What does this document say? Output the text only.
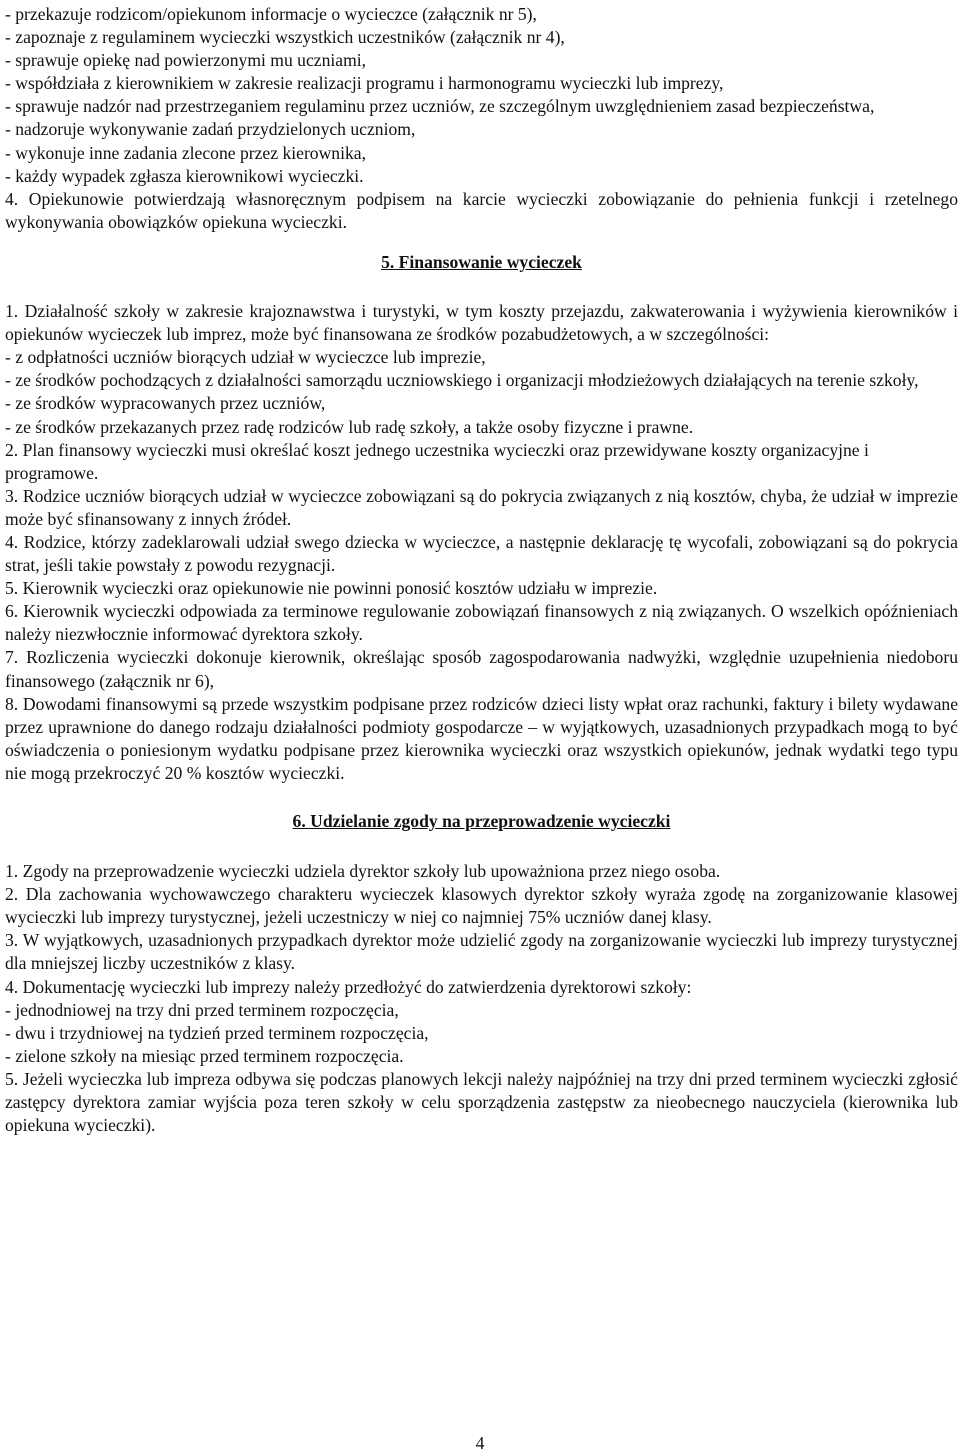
- przekazuje rodzicom/opiekunom informacje o wycieczce (załącznik nr 5),

- zapoznaje z regulaminem wycieczki wszystkich uczestników (załącznik nr 4),

- sprawuje opiekę nad powierzonymi mu uczniami,

- współdziała z kierownikiem w zakresie realizacji programu i harmonogramu wycieczki lub imprezy,

- sprawuje nadzór nad przestrzeganiem regulaminu przez uczniów, ze szczególnym uwzględnieniem zasad bezpieczeństwa,

- nadzoruje wykonywanie zadań przydzielonych uczniom,

- wykonuje inne zadania zlecone przez kierownika,

- każdy wypadek zgłasza kierownikowi wycieczki.

4. Opiekunowie potwierdzają własnoręcznym podpisem na karcie wycieczki zobowiązanie do pełnienia funkcji i rzetelnego wykonywania obowiązków opiekuna wycieczki.

5. Finansowanie wycieczek

1. Działalność szkoły w zakresie krajoznawstwa i turystyki, w tym koszty przejazdu, zakwaterowania i wyżywienia kierowników i opiekunów wycieczek lub imprez, może być finansowana ze środków pozabudżetowych, a w szczególności:

- z odpłatności uczniów biorących udział w wycieczce lub imprezie,

- ze środków pochodzących z działalności samorządu uczniowskiego i organizacji młodzieżowych działających na terenie szkoły,

- ze środków wypracowanych przez uczniów,

- ze środków przekazanych przez radę rodziców lub radę szkoły, a także osoby fizyczne i prawne.

2. Plan finansowy wycieczki musi określać koszt jednego uczestnika wycieczki oraz przewidywane koszty organizacyjne i programowe.

3. Rodzice uczniów biorących udział w wycieczce zobowiązani są do pokrycia związanych z nią kosztów, chyba, że udział w imprezie może być sfinansowany z innych źródeł.

4. Rodzice, którzy zadeklarowali udział swego dziecka w wycieczce, a następnie deklarację tę wycofali, zobowiązani są do pokrycia strat, jeśli takie powstały z powodu rezygnacji.

5. Kierownik wycieczki oraz opiekunowie nie powinni ponosić kosztów udziału w imprezie.

6. Kierownik wycieczki odpowiada za terminowe regulowanie zobowiązań finansowych z nią związanych. O wszelkich opóźnieniach należy niezwłocznie informować dyrektora szkoły.

7. Rozliczenia wycieczki dokonuje kierownik, określając sposób zagospodarowania nadwyżki, względnie uzupełnienia niedoboru finansowego (załącznik nr 6),

8. Dowodami finansowymi są przede wszystkim podpisane przez rodziców dzieci listy wpłat oraz rachunki, faktury i bilety wydawane przez uprawnione do danego rodzaju działalności podmioty gospodarcze – w wyjątkowych, uzasadnionych przypadkach mogą to być oświadczenia o poniesionym wydatku podpisane przez kierownika wycieczki oraz wszystkich opiekunów, jednak wydatki tego typu nie mogą przekroczyć 20 % kosztów wycieczki.

6. Udzielanie zgody na przeprowadzenie wycieczki

1. Zgody na przeprowadzenie wycieczki udziela dyrektor szkoły lub upoważniona przez niego osoba.

2. Dla zachowania wychowawczego charakteru wycieczek klasowych dyrektor szkoły wyraża zgodę na zorganizowanie klasowej wycieczki lub imprezy turystycznej, jeżeli uczestniczy w niej co najmniej 75% uczniów danej klasy.

3. W wyjątkowych, uzasadnionych przypadkach dyrektor może udzielić zgody na zorganizowanie wycieczki lub imprezy turystycznej dla mniejszej liczby uczestników z klasy.

4. Dokumentację wycieczki lub imprezy należy przedłożyć do zatwierdzenia dyrektorowi szkoły:

- jednodniowej na trzy dni przed terminem rozpoczęcia,

- dwu i trzydniowej na tydzień przed terminem rozpoczęcia,

- zielone szkoły na miesiąc przed terminem rozpoczęcia.

5. Jeżeli wycieczka lub impreza odbywa się podczas planowych lekcji należy najpóźniej na trzy dni przed terminem wycieczki zgłosić zastępcy dyrektora zamiar wyjścia poza teren szkoły w celu sporządzenia zastępstw za nieobecnego nauczyciela (kierownika lub opiekuna wycieczki).

4
